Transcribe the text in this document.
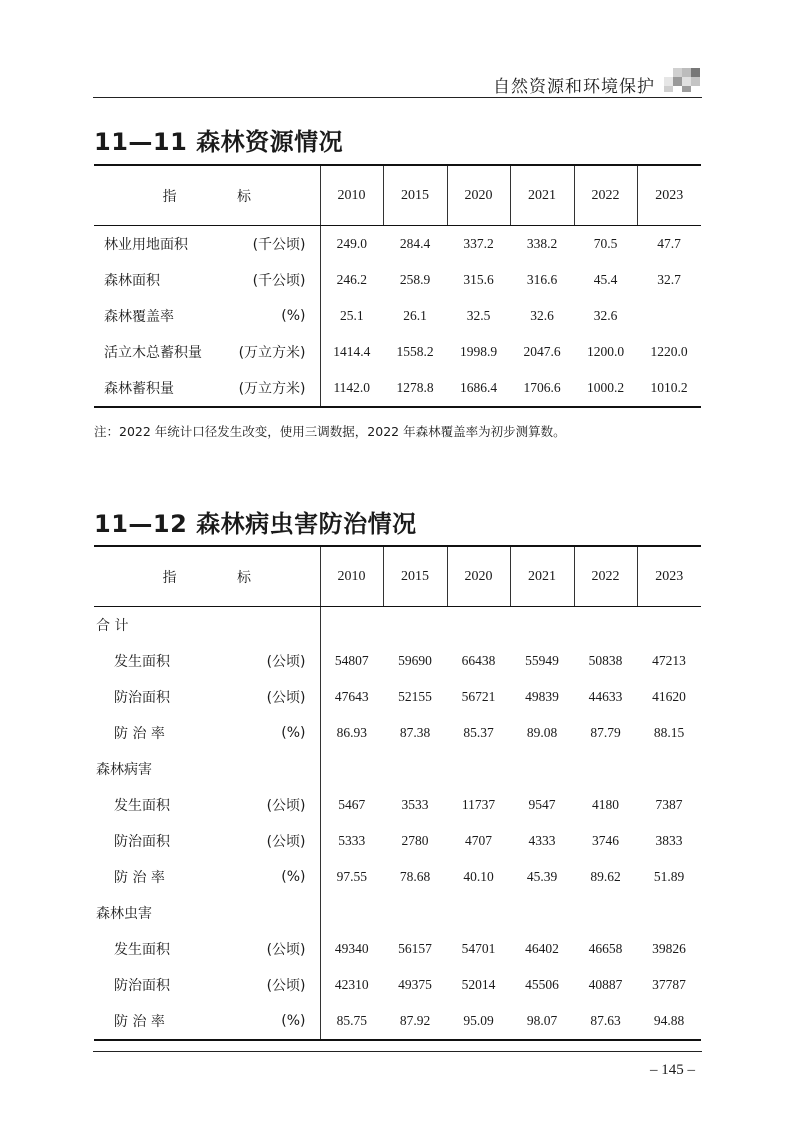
自然资源和环境保护
11—11 森林资源情况
指 标	2010	2015	2020	2021	2022	2023
林业用地面积 (千公顷)	249.0	284.4	337.2	338.2	70.5	47.7
森林面积 (千公顷)	246.2	258.9	315.6	316.6	45.4	32.7
森林覆盖率 (%)	25.1	26.1	32.5	32.6	32.6	
活立木总蓄积量 (万立方米)	1414.4	1558.2	1998.9	2047.6	1200.0	1220.0
森林蓄积量 (万立方米)	1142.0	1278.8	1686.4	1706.6	1000.2	1010.2
注：2022 年统计口径发生改变，使用三调数据，2022 年森林覆盖率为初步测算数。
11—12 森林病虫害防治情况
指 标	2010	2015	2020	2021	2022	2023
合 计						
发生面积 (公顷)	54807	59690	66438	55949	50838	47213
防治面积 (公顷)	47643	52155	56721	49839	44633	41620
防 治 率 (%)	86.93	87.38	85.37	89.08	87.79	88.15
森林病害						
发生面积 (公顷)	5467	3533	11737	9547	4180	7387
防治面积 (公顷)	5333	2780	4707	4333	3746	3833
防 治 率 (%)	97.55	78.68	40.10	45.39	89.62	51.89
森林虫害						
发生面积 (公顷)	49340	56157	54701	46402	46658	39826
防治面积 (公顷)	42310	49375	52014	45506	40887	37787
防 治 率 (%)	85.75	87.92	95.09	98.07	87.63	94.88
– 145 –
